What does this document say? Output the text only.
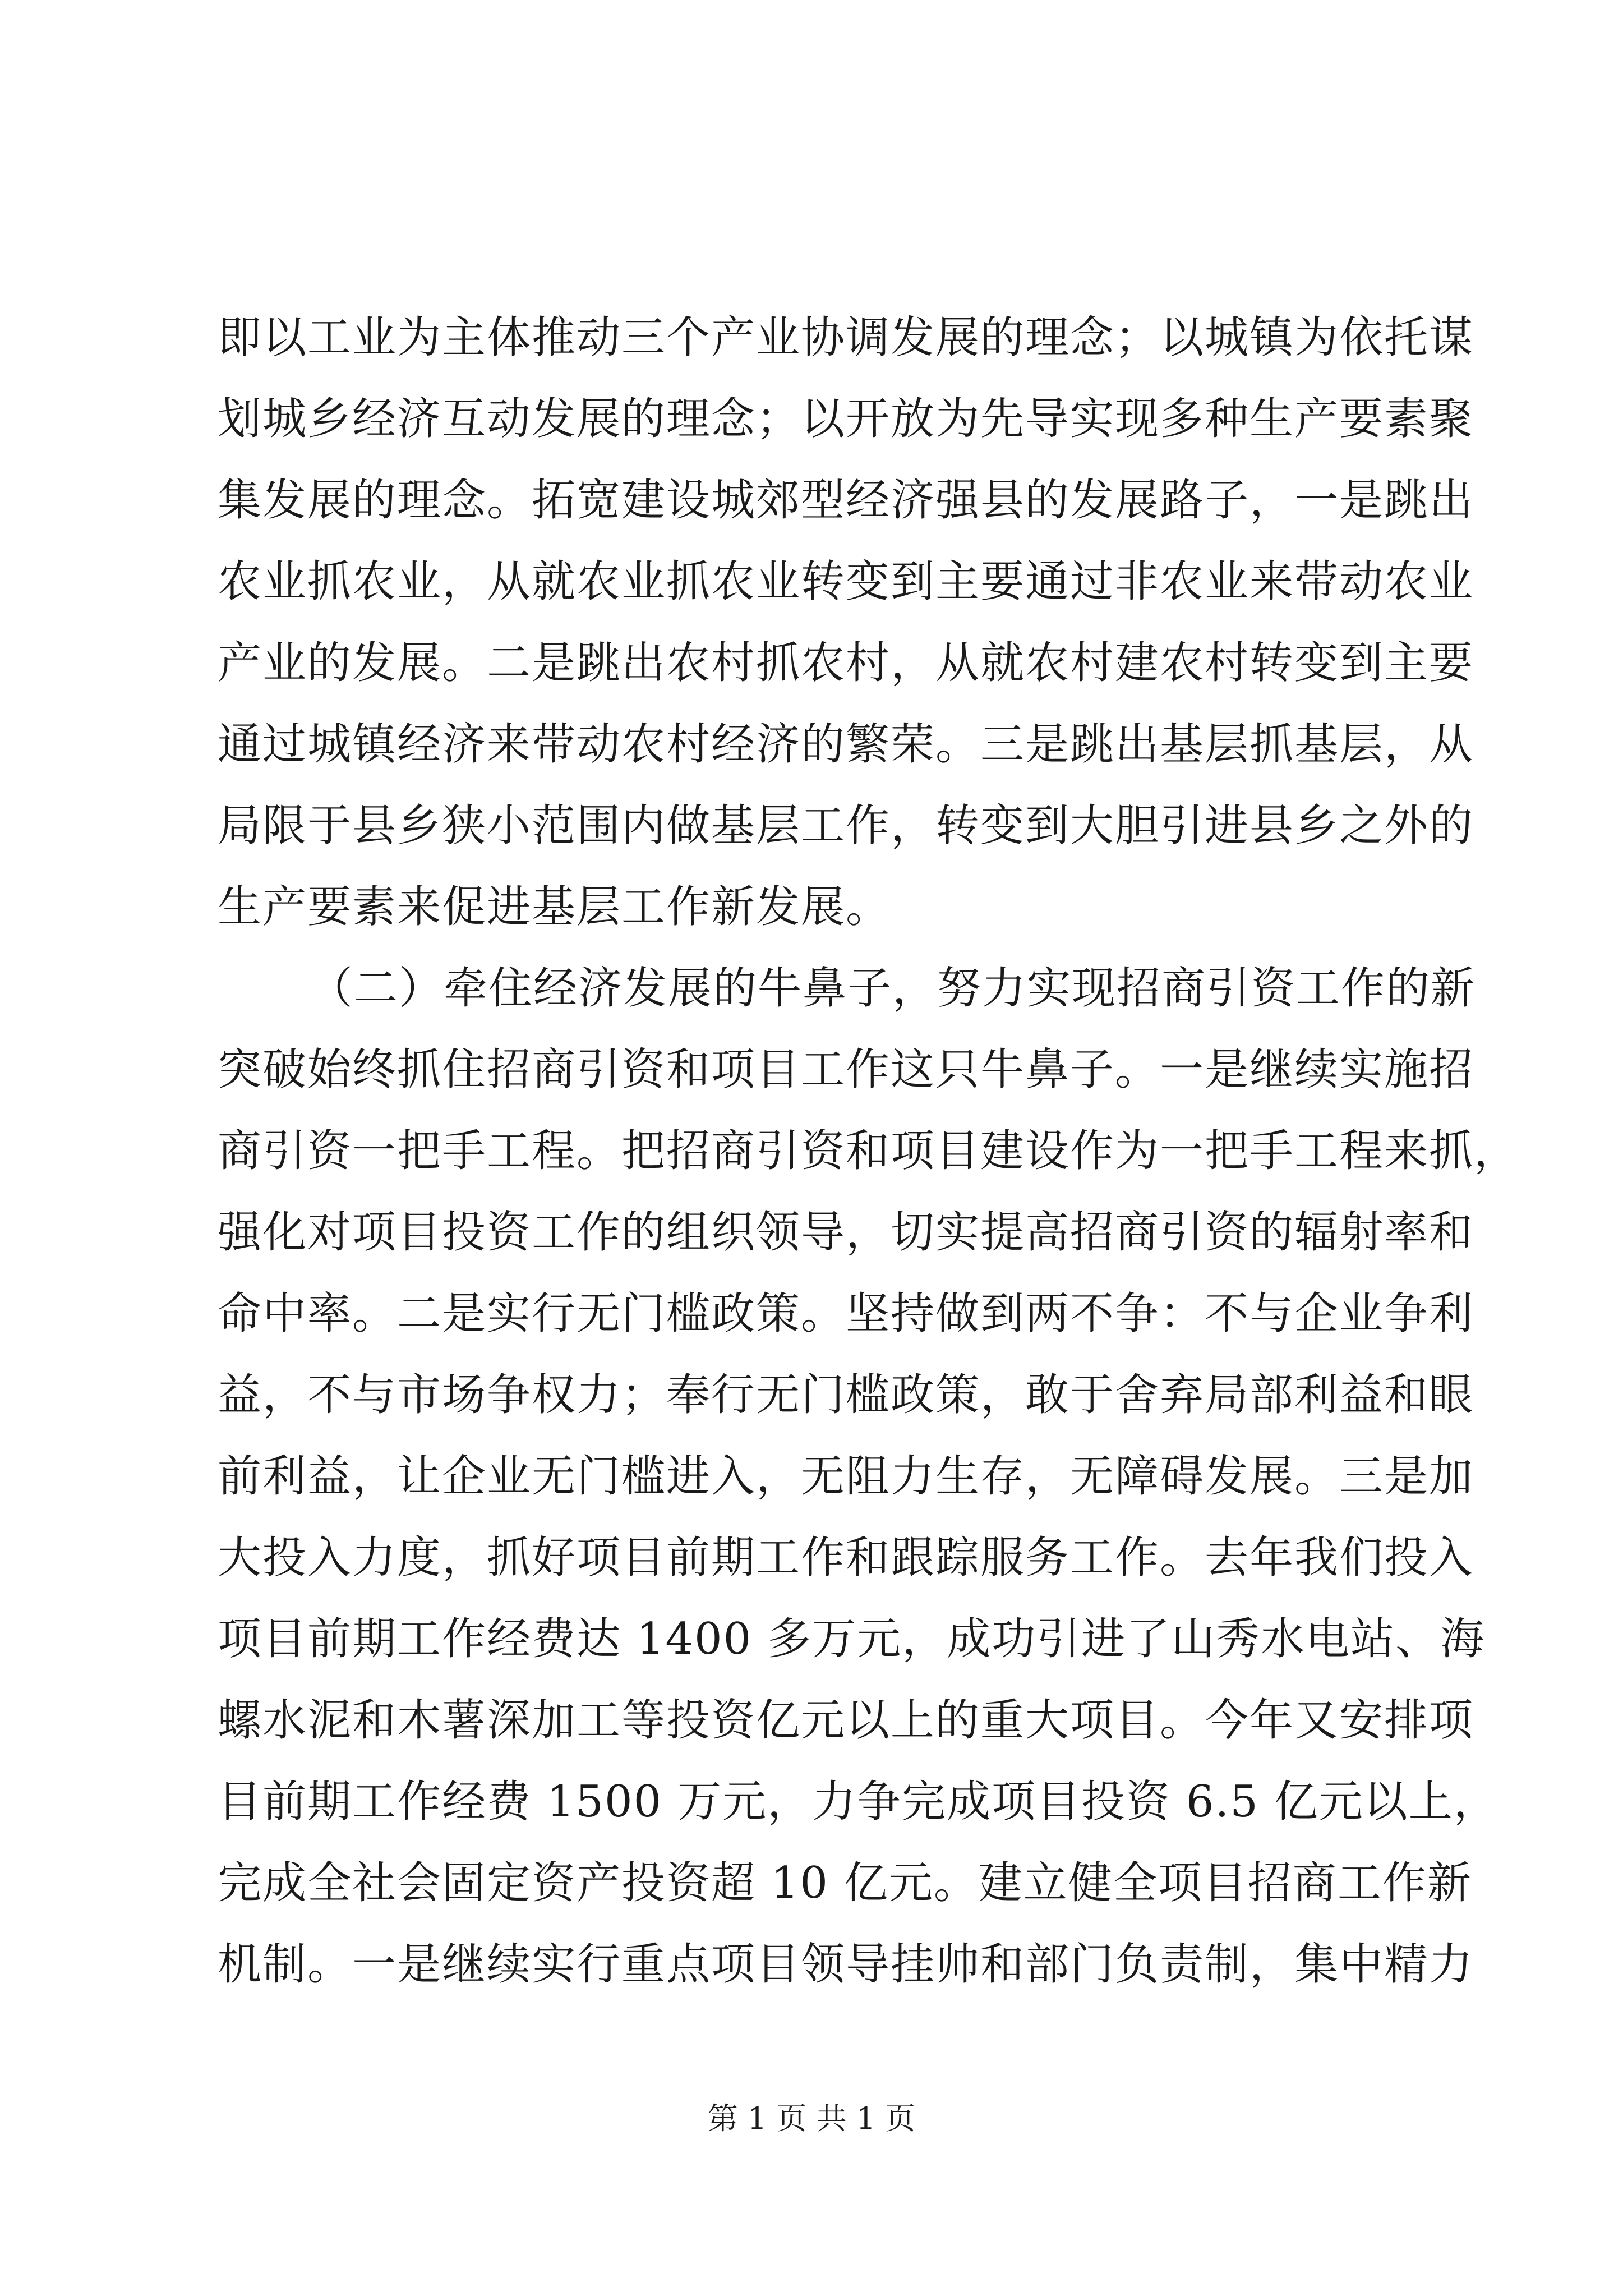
即以工业为主体推动三个产业协调发展的理念；以城镇为依托谋
划城乡经济互动发展的理念；以开放为先导实现多种生产要素聚
集发展的理念。拓宽建设城郊型经济强县的发展路子，一是跳出
农业抓农业，从就农业抓农业转变到主要通过非农业来带动农业
产业的发展。二是跳出农村抓农村，从就农村建农村转变到主要
通过城镇经济来带动农村经济的繁荣。三是跳出基层抓基层，从
局限于县乡狭小范围内做基层工作，转变到大胆引进县乡之外的
生产要素来促进基层工作新发展。
（二）牵住经济发展的牛鼻子，努力实现招商引资工作的新
突破始终抓住招商引资和项目工作这只牛鼻子。一是继续实施招
商引资一把手工程。把招商引资和项目建设作为一把手工程来抓，
强化对项目投资工作的组织领导，切实提高招商引资的辐射率和
命中率。二是实行无门槛政策。坚持做到两不争：不与企业争利
益，不与市场争权力；奉行无门槛政策，敢于舍弃局部利益和眼
前利益，让企业无门槛进入，无阻力生存，无障碍发展。三是加
大投入力度，抓好项目前期工作和跟踪服务工作。去年我们投入
项目前期工作经费达 1400 多万元，成功引进了山秀水电站、海
螺水泥和木薯深加工等投资亿元以上的重大项目。今年又安排项
目前期工作经费 1500 万元，力争完成项目投资 6.5 亿元以上，
完成全社会固定资产投资超 10 亿元。建立健全项目招商工作新
机制。一是继续实行重点项目领导挂帅和部门负责制，集中精力
第 1 页 共 1 页
